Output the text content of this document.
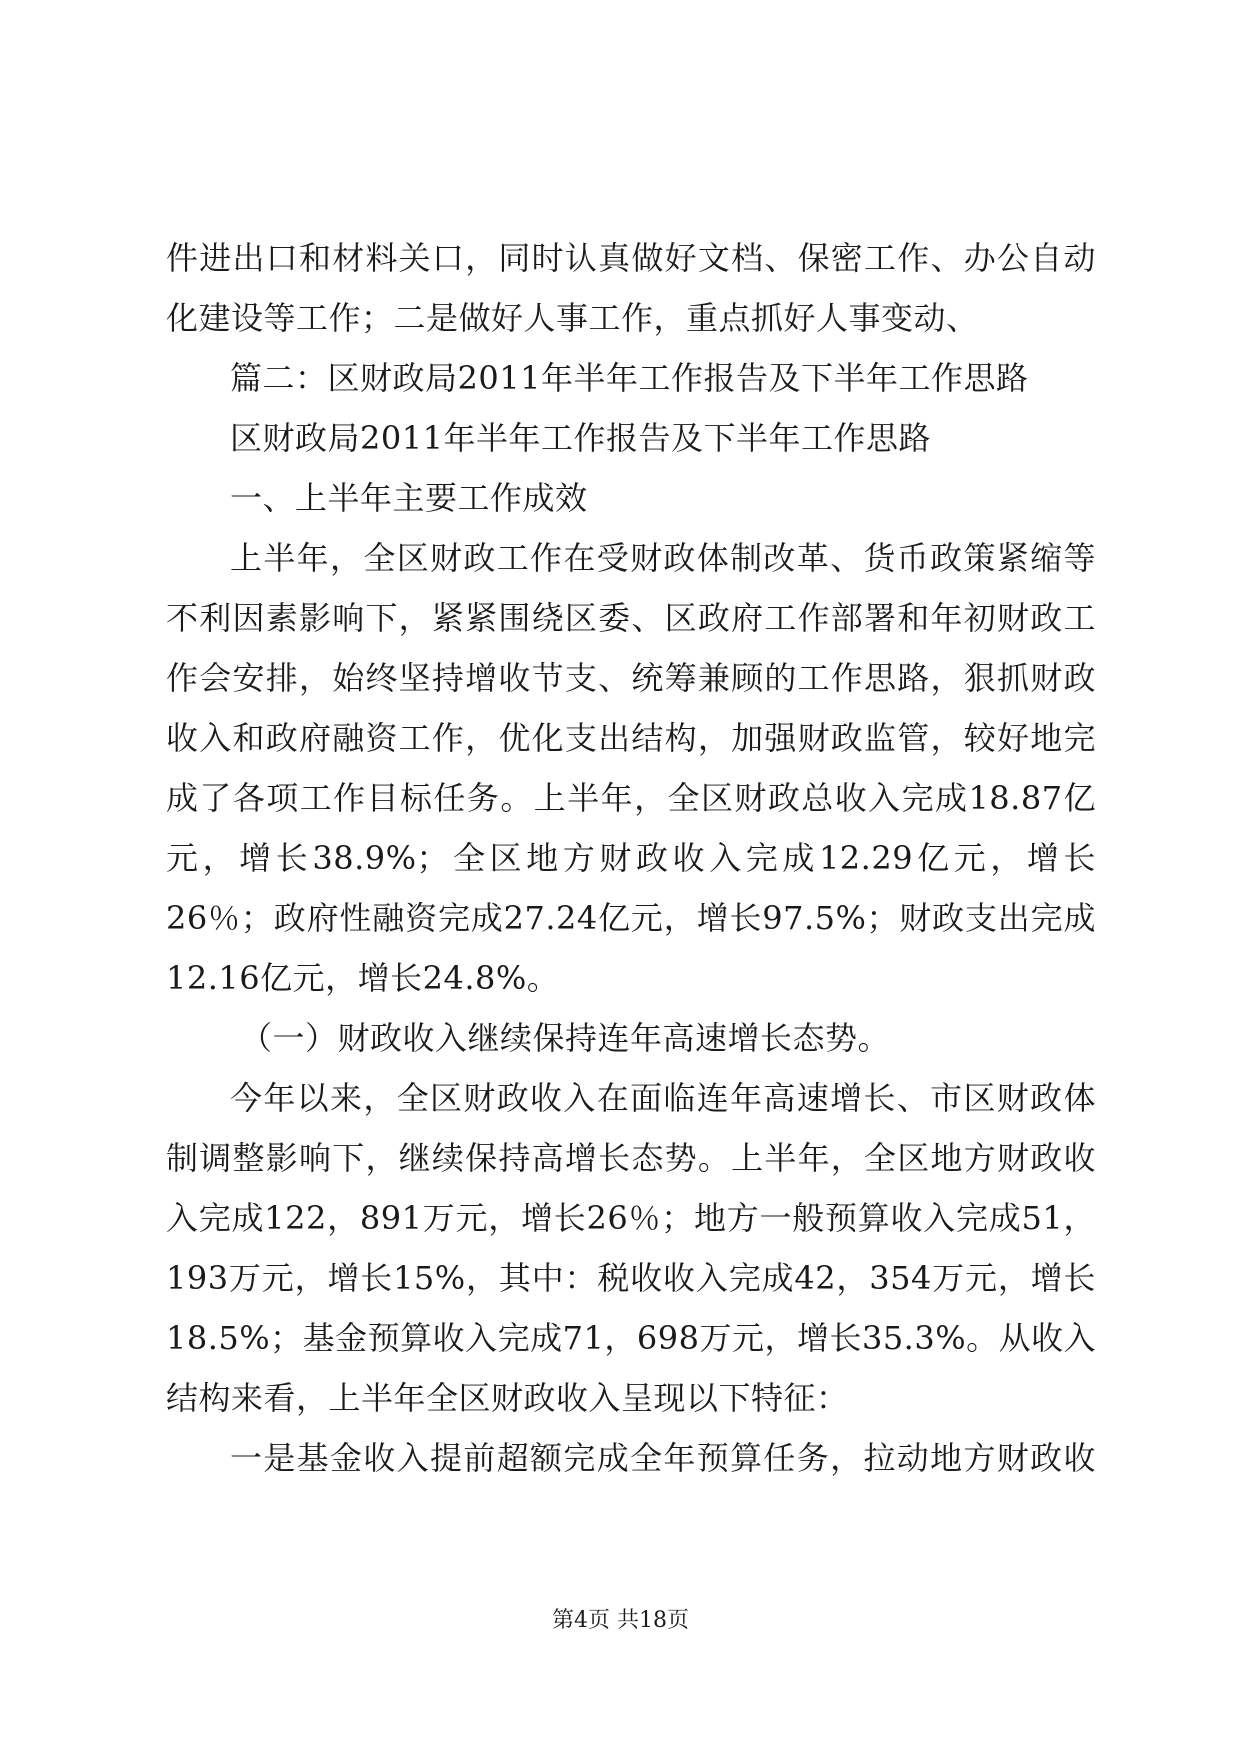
件进出口和材料关口，同时认真做好文档、保密工作、办公自动
化建设等工作；二是做好人事工作，重点抓好人事变动、
篇二：区财政局2011年半年工作报告及下半年工作思路
区财政局2011年半年工作报告及下半年工作思路
一、上半年主要工作成效
上半年，全区财政工作在受财政体制改革、货币政策紧缩等
不利因素影响下，紧紧围绕区委、区政府工作部署和年初财政工
作会安排，始终坚持增收节支、统筹兼顾的工作思路，狠抓财政
收入和政府融资工作，优化支出结构，加强财政监管，较好地完
成了各项工作目标任务。上半年，全区财政总收入完成18.87亿
元，增长38.9%；全区地方财政收入完成12.29亿元，增长
26％；政府性融资完成27.24亿元，增长97.5%；财政支出完成
12.16亿元，增长24.8%。
（一）财政收入继续保持连年高速增长态势。
今年以来，全区财政收入在面临连年高速增长、市区财政体
制调整影响下，继续保持高增长态势。上半年，全区地方财政收
入完成122，891万元，增长26％；地方一般预算收入完成51，
193万元，增长15%，其中：税收收入完成42，354万元，增长
18.5%；基金预算收入完成71，698万元，增长35.3%。从收入
结构来看，上半年全区财政收入呈现以下特征：
一是基金收入提前超额完成全年预算任务，拉动地方财政收
第4页 共18页
